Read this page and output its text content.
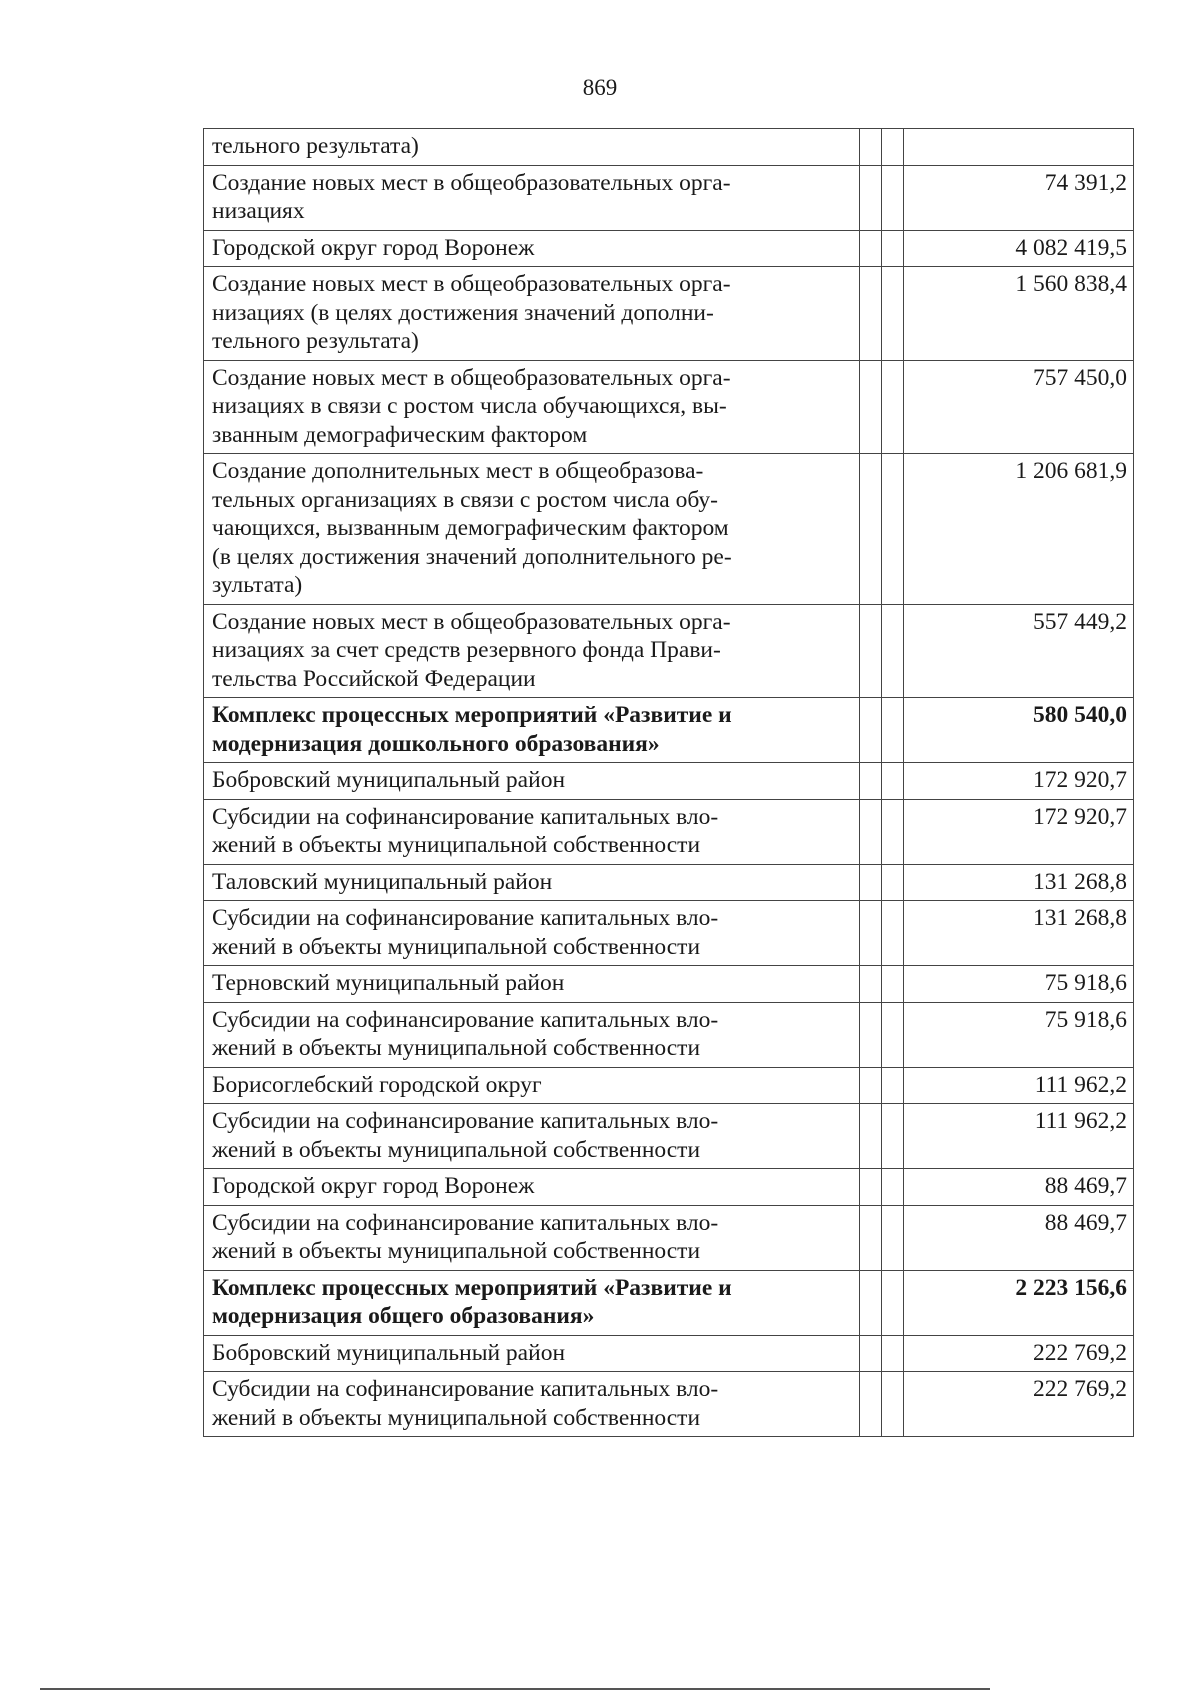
869
тельного результата)			
Создание новых мест в общеобразовательных орга-
низациях			74 391,2
Городской округ город Воронеж			4 082 419,5
Создание новых мест в общеобразовательных орга-
низациях (в целях достижения значений дополни-
тельного результата)			1 560 838,4
Создание новых мест в общеобразовательных орга-
низациях в связи с ростом числа обучающихся, вы-
званным демографическим фактором			757 450,0
Создание дополнительных мест в общеобразова-
тельных организациях в связи с ростом числа обу-
чающихся, вызванным демографическим фактором
(в целях достижения значений дополнительного ре-
зультата)			1 206 681,9
Создание новых мест в общеобразовательных орга-
низациях за счет средств резервного фонда Прави-
тельства Российской Федерации			557 449,2
Комплекс процессных мероприятий «Развитие и
модернизация дошкольного образования»			580 540,0
Бобровский муниципальный район			172 920,7
Субсидии на софинансирование капитальных вло-
жений в объекты муниципальной собственности			172 920,7
Таловский муниципальный район			131 268,8
Субсидии на софинансирование капитальных вло-
жений в объекты муниципальной собственности			131 268,8
Терновский муниципальный район			75 918,6
Субсидии на софинансирование капитальных вло-
жений в объекты муниципальной собственности			75 918,6
Борисоглебский городской округ			111 962,2
Субсидии на софинансирование капитальных вло-
жений в объекты муниципальной собственности			111 962,2
Городской округ город Воронеж			88 469,7
Субсидии на софинансирование капитальных вло-
жений в объекты муниципальной собственности			88 469,7
Комплекс процессных мероприятий «Развитие и
модернизация общего образования»			2 223 156,6
Бобровский муниципальный район			222 769,2
Субсидии на софинансирование капитальных вло-
жений в объекты муниципальной собственности			222 769,2
